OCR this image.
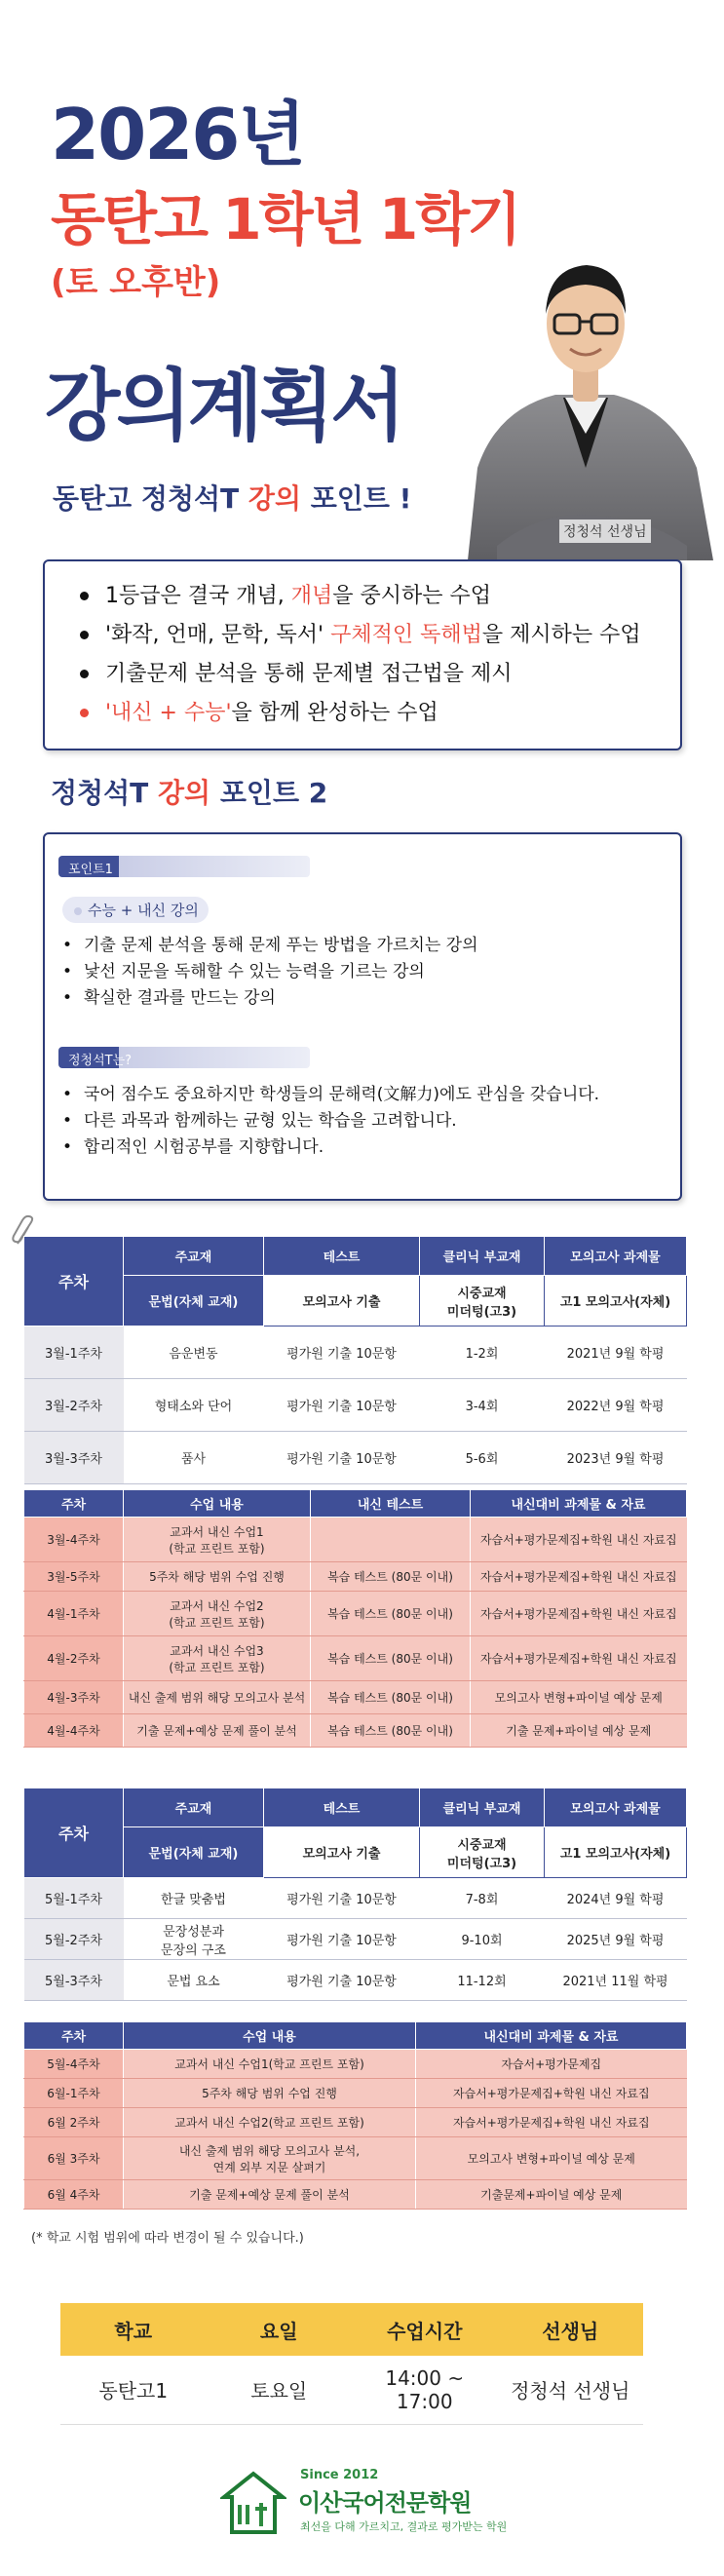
2026년
동탄고 1학년 1학기
(토 오후반)
강의계획서
동탄고 정청석T 강의 포인트 !
정청석 선생님
1등급은 결국 개념, 개념을 중시하는 수업
'화작, 언매, 문학, 독서' 구체적인 독해법을 제시하는 수업
기출문제 분석을 통해 문제별 접근법을 제시
'내신 + 수능'을 함께 완성하는 수업
정청석T 강의 포인트 2
포인트1
수능 + 내신 강의
• 기출 문제 분석을 통해 문제 푸는 방법을 가르치는 강의
• 낯선 지문을 독해할 수 있는 능력을 기르는 강의
• 확실한 결과를 만드는 강의
정청석T는?
• 국어 점수도 중요하지만 학생들의 문해력(文解力)에도 관심을 갖습니다.
• 다른 과목과 함께하는 균형 있는 학습을 고려합니다.
• 합리적인 시험공부를 지향합니다.
주차	주교재	테스트	클리닉 부교재	모의고사 과제물
	문법(자체 교재)	모의고사 기출	시중교재
미더텅(고3)	고1 모의고사(자체)
3월-1주차	음운변동	평가원 기출 10문항	1-2회	2021년 9월 학평
3월-2주차	형태소와 단어	평가원 기출 10문항	3-4회	2022년 9월 학평
3월-3주차	품사	평가원 기출 10문항	5-6회	2023년 9월 학평
주차	수업 내용	내신 테스트	내신대비 과제물 & 자료
3월-4주차	교과서 내신 수업1
(학교 프린트 포함)		자습서+평가문제집+학원 내신 자료집
3월-5주차	5주차 해당 범위 수업 진행	복습 테스트 (80문 이내)	자습서+평가문제집+학원 내신 자료집
4월-1주차	교과서 내신 수업2
(학교 프린트 포함)	복습 테스트 (80문 이내)	자습서+평가문제집+학원 내신 자료집
4월-2주차	교과서 내신 수업3
(학교 프린트 포함)	복습 테스트 (80문 이내)	자습서+평가문제집+학원 내신 자료집
4월-3주차	내신 출제 범위 해당 모의고사 분석	복습 테스트 (80문 이내)	모의고사 변형+파이널 예상 문제
4월-4주차	기출 문제+예상 문제 풀이 분석	복습 테스트 (80문 이내)	기출 문제+파이널 예상 문제
주차	주교재	테스트	클리닉 부교재	모의고사 과제물
	문법(자체 교재)	모의고사 기출	시중교재
미더텅(고3)	고1 모의고사(자체)
5월-1주차	한글 맞춤법	평가원 기출 10문항	7-8회	2024년 9월 학평
5월-2주차	문장성분과
문장의 구조	평가원 기출 10문항	9-10회	2025년 9월 학평
5월-3주차	문법 요소	평가원 기출 10문항	11-12회	2021년 11월 학평
주차	수업 내용	내신대비 과제물 & 자료
5월-4주차	교과서 내신 수업1(학교 프린트 포함)	자습서+평가문제집
6월-1주차	5주차 해당 범위 수업 진행	자습서+평가문제집+학원 내신 자료집
6월 2주차	교과서 내신 수업2(학교 프린트 포함)	자습서+평가문제집+학원 내신 자료집
6월 3주차	내신 출제 범위 해당 모의고사 분석,
연계 외부 지문 살펴기	모의고사 변형+파이널 예상 문제
6월 4주차	기출 문제+예상 문제 풀이 분석	기출문제+파이널 예상 문제
(* 학교 시험 범위에 따라 변경이 될 수 있습니다.)
학교	요일	수업시간	선생님
동탄고1	토요일	14:00 ~ 17:00	정청석 선생님
Since 2012
이산국어전문학원
최선을 다해 가르치고, 결과로 평가받는 학원
